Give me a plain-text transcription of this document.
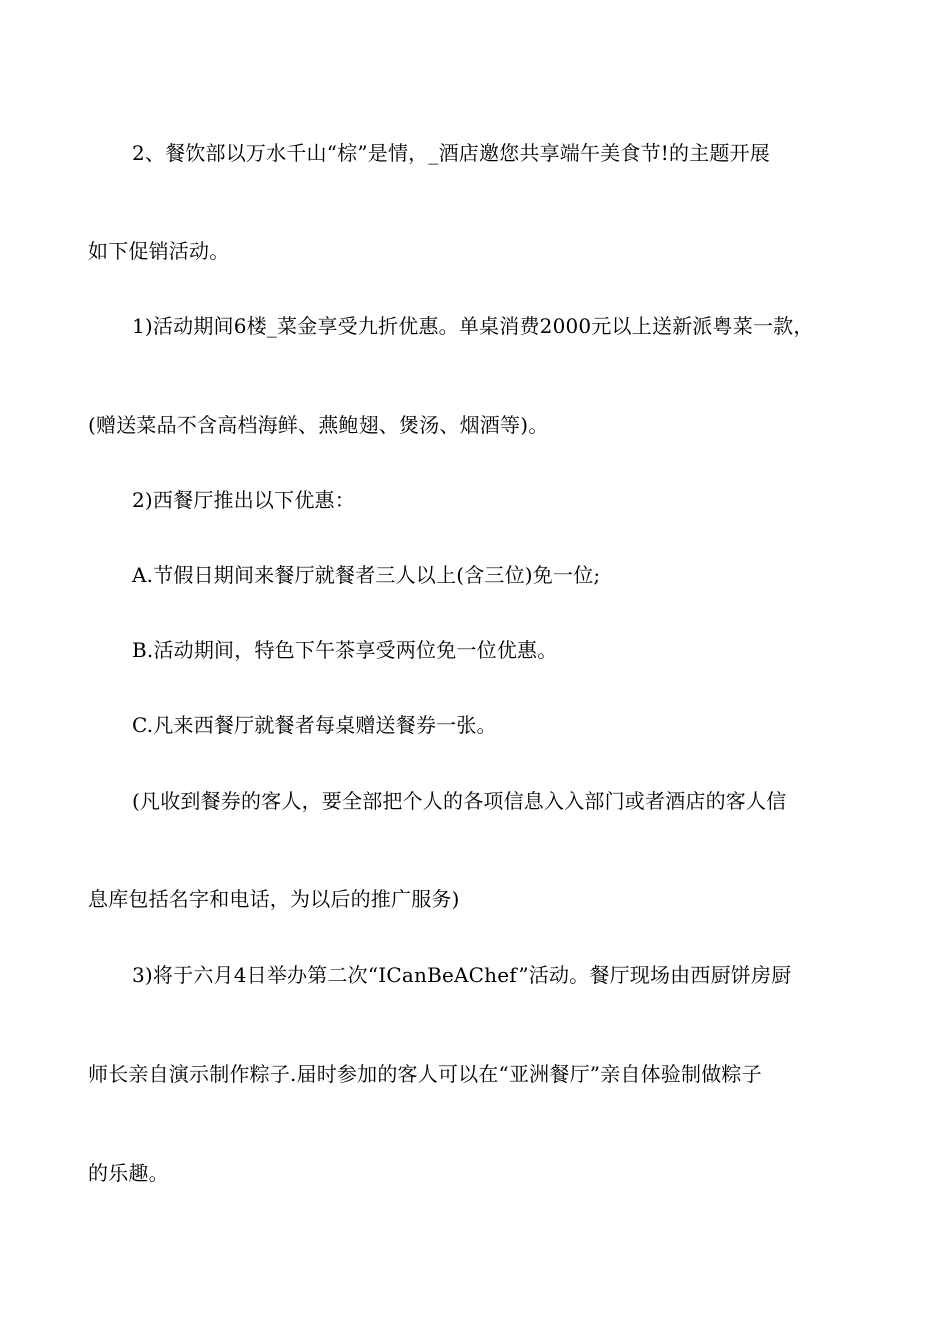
2、餐饮部以万水千山“棕”是情，_酒店邀您共享端午美食节!的主题开展
如下促销活动。
1)活动期间6楼_菜金享受九折优惠。单桌消费2000元以上送新派粤菜一款，
(赠送菜品不含高档海鲜、燕鲍翅、煲汤、烟酒等)。
2)西餐厅推出以下优惠：
A.节假日期间来餐厅就餐者三人以上(含三位)免一位;
B.活动期间，特色下午茶享受两位免一位优惠。
C.凡来西餐厅就餐者每桌赠送餐券一张。
(凡收到餐券的客人，要全部把个人的各项信息入入部门或者酒店的客人信
息库包括名字和电话，为以后的推广服务)
3)将于六月4日举办第二次“ICanBeAChef”活动。餐厅现场由西厨饼房厨
师长亲自演示制作粽子.届时参加的客人可以在“亚洲餐厅”亲自体验制做粽子
的乐趣。
